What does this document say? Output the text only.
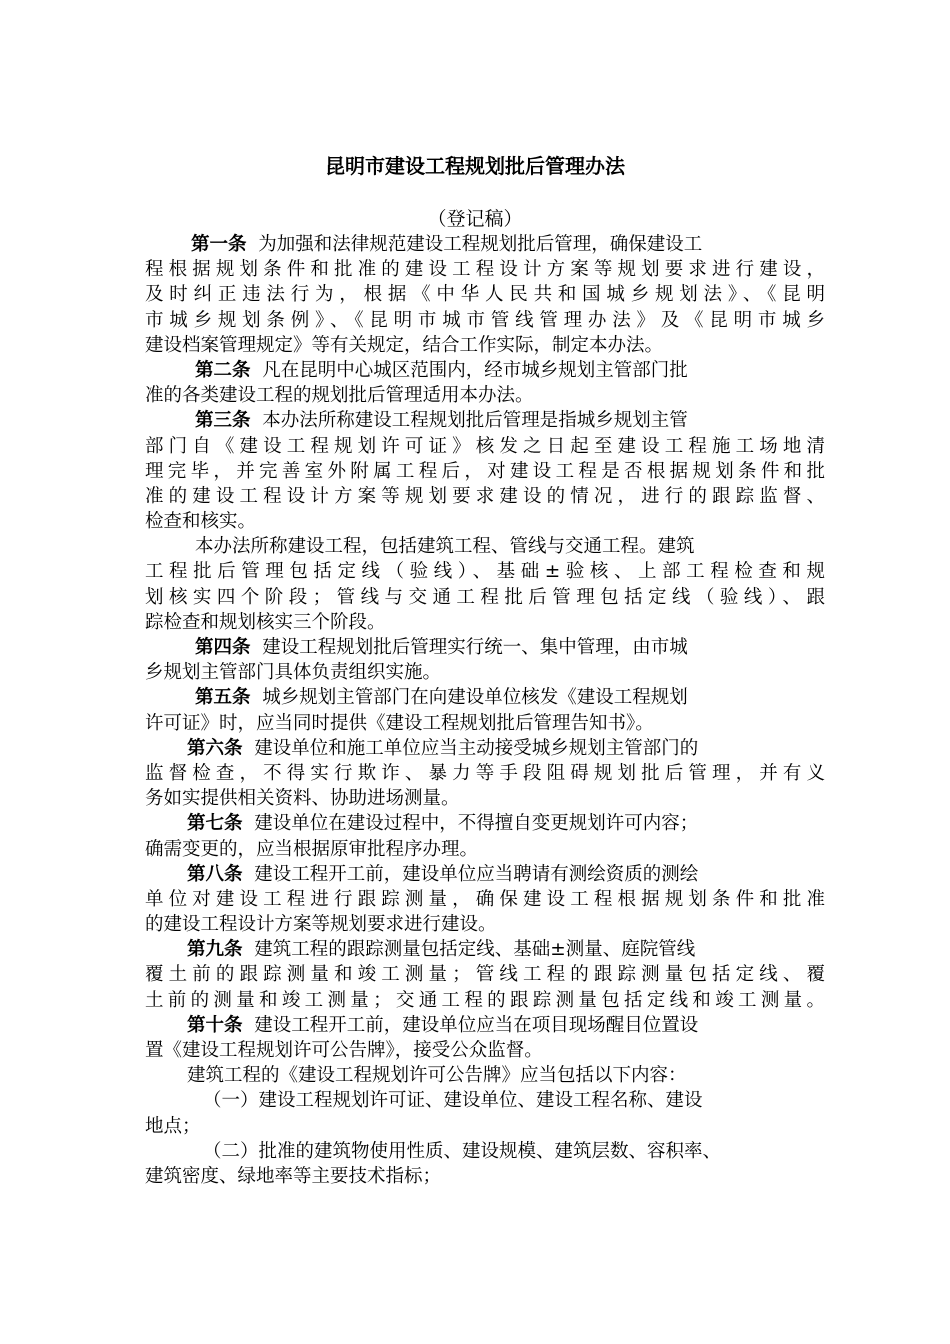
昆明市建设工程规划批后管理办法
（登记稿）
第一条 为加强和法律规范建设工程规划批后管理，确保建设工
程根据规划条件和批准的建设工程设计方案等规划要求进行建设，
及时纠正违法行为，根据《中华人民共和国城乡规划法》、《昆明
市城乡规划条例》、《昆明市城市管线管理办法》及《昆明市城乡
建设档案管理规定》等有关规定，结合工作实际，制定本办法。
第二条 凡在昆明中心城区范围内，经市城乡规划主管部门批
准的各类建设工程的规划批后管理适用本办法。
第三条 本办法所称建设工程规划批后管理是指城乡规划主管
部门自《建设工程规划许可证》核发之日起至建设工程施工场地清
理完毕，并完善室外附属工程后，对建设工程是否根据规划条件和批
准的建设工程设计方案等规划要求建设的情况，进行的跟踪监督、
检查和核实。
本办法所称建设工程，包括建筑工程、管线与交通工程。建筑
工程批后管理包括定线（验线）、基础±验核、上部工程检查和规
划核实四个阶段；管线与交通工程批后管理包括定线（验线）、跟
踪检查和规划核实三个阶段。
第四条 建设工程规划批后管理实行统一、集中管理，由市城
乡规划主管部门具体负责组织实施。
第五条 城乡规划主管部门在向建设单位核发《建设工程规划
许可证》时，应当同时提供《建设工程规划批后管理告知书》。
第六条 建设单位和施工单位应当主动接受城乡规划主管部门的
监督检查，不得实行欺诈、暴力等手段阻碍规划批后管理，并有义
务如实提供相关资料、协助进场测量。
第七条 建设单位在建设过程中，不得擅自变更规划许可内容；
确需变更的，应当根据原审批程序办理。
第八条 建设工程开工前，建设单位应当聘请有测绘资质的测绘
单位对建设工程进行跟踪测量，确保建设工程根据规划条件和批准
的建设工程设计方案等规划要求进行建设。
第九条 建筑工程的跟踪测量包括定线、基础±测量、庭院管线
覆土前的跟踪测量和竣工测量；管线工程的跟踪测量包括定线、覆
土前的测量和竣工测量；交通工程的跟踪测量包括定线和竣工测量。
第十条 建设工程开工前，建设单位应当在项目现场醒目位置设
置《建设工程规划许可公告牌》，接受公众监督。
建筑工程的《建设工程规划许可公告牌》应当包括以下内容：
（一）建设工程规划许可证、建设单位、建设工程名称、建设
地点；
（二）批准的建筑物使用性质、建设规模、建筑层数、容积率、
建筑密度、绿地率等主要技术指标；
